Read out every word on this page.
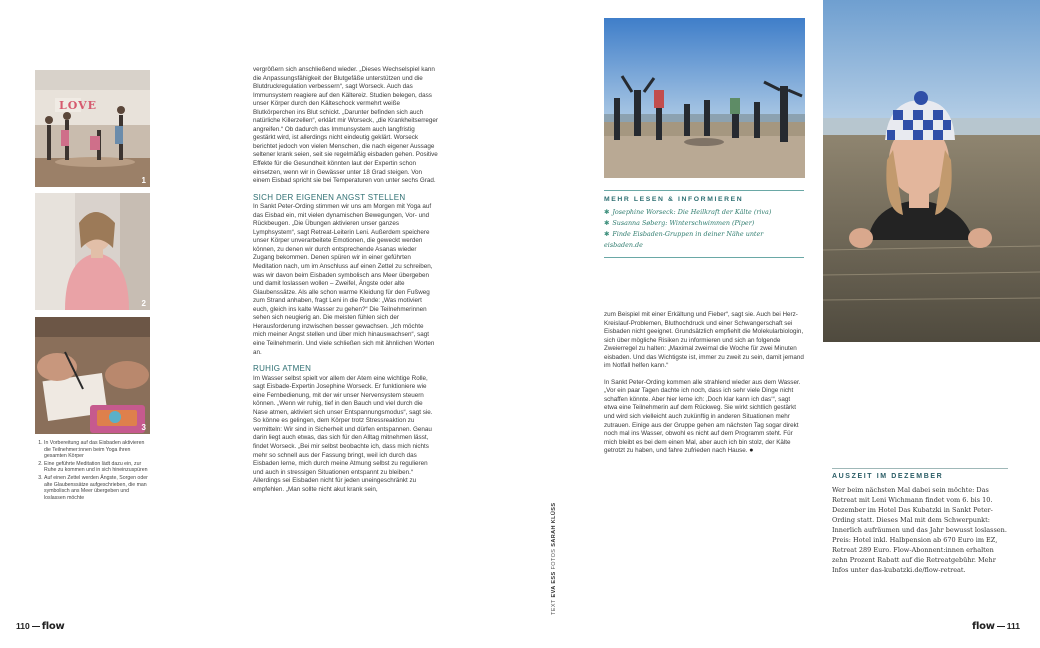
LOVE
1
2
3
1. In Vorbereitung auf das Eisbaden aktivieren die Teilnehmer:innen beim Yoga ihren gesamten Körper
2. Eine geführte Meditation lädt dazu ein, zur Ruhe zu kommen und in sich hineinzuspüren
3. Auf einen Zettel werden Ängste, Sorgen oder alte Glaubenssätze aufgeschrieben, die man symbolisch ans Meer übergeben und loslassen möchte

vergrößern sich anschließend wieder. „Dieses Wechselspiel kann die Anpassungsfähigkeit der Blutgefäße unterstützen und die Blutdruckregulation verbessern“, sagt Worseck. Auch das Immunsystem reagiere auf den Kältereiz. Studien belegen, dass unser Körper durch den Kälteschock vermehrt weiße Blutkörperchen ins Blut schickt. „Darunter befinden sich auch natürliche Killerzellen“, erklärt mir Worseck, „die Krankheitserreger angreifen.“ Ob dadurch das Immunsystem auch langfristig gestärkt wird, ist allerdings nicht eindeutig geklärt. Worseck berichtet jedoch von vielen Menschen, die nach eigener Aussage seltener krank seien, seit sie regelmäßig eisbaden gehen. Positive Effekte für die Gesundheit könnten laut der Expertin schon einsetzen, wenn wir in Gewässer unter 18 Grad steigen. Von einem Eisbad spricht sie bei Temperaturen von unter sechs Grad.

SICH DER EIGENEN ANGST STELLEN

In Sankt Peter-Ording stimmen wir uns am Morgen mit Yoga auf das Eisbad ein, mit vielen dynamischen Bewegungen, Vor- und Rückbeugen. „Die Übungen aktivieren unser ganzes Lymphsystem“, sagt Retreat-Leiterin Leni. Außerdem speichere unser Körper unverarbeitete Emotionen, die geweckt werden können, zu denen wir durch entsprechende Asanas wieder Zugang bekommen. Denen spüren wir in einer geführten Meditation nach, um im Anschluss auf einen Zettel zu schreiben, was wir davon beim Eisbaden symbolisch ans Meer übergeben und damit loslassen wollen – Zweifel, Ängste oder alte Glaubenssätze. Als alle schon warme Kleidung für den Fußweg zum Strand anhaben, fragt Leni in die Runde: „Was motiviert euch, gleich ins kalte Wasser zu gehen?“ Die Teilnehmerinnen sehen sich neugierig an. Die meisten fühlen sich der Herausforderung inzwischen besser gewachsen. „Ich möchte mich meiner Angst stellen und über mich hinauswachsen“, sagt eine Teilnehmerin. Und viele schließen sich mit ähnlichen Worten an.

RUHIG ATMEN

Im Wasser selbst spielt vor allem der Atem eine wichtige Rolle, sagt Eisbade-Expertin Josephine Worseck. Er funktioniere wie eine Fernbedienung, mit der wir unser Nervensystem steuern können. „Wenn wir ruhig, tief in den Bauch und viel durch die Nase atmen, aktiviert sich unser Entspannungsmodus“, sagt sie. So könne es gelingen, dem Körper trotz Stressreaktion zu vermitteln: Wir sind in Sicherheit und dürfen entspannen. Genau darin liegt auch etwas, das sich für den Alltag mitnehmen lässt, findet Worseck. „Bei mir selbst beobachte ich, dass mich nichts mehr so schnell aus der Fassung bringt, weil ich durch das Eisbaden lerne, mich durch meine Atmung selbst zu regulieren und auch in stressigen Situationen entspannt zu bleiben.“ Allerdings sei Eisbaden nicht für jeden uneingeschränkt zu empfehlen. „Man sollte nicht akut krank sein,

TEXT EVA ESS FOTOS SARAH KLÜSS
MEHR LESEN & INFORMIEREN
✱ Josephine Worseck: Die Heilkraft der Kälte (riva)
✱ Susanna Søberg: Winterschwimmen (Piper)
✱ Finde Eisbaden-Gruppen in deiner Nähe unter eisbaden.de

zum Beispiel mit einer Erkältung und Fieber“, sagt sie. Auch bei Herz-Kreislauf-Problemen, Bluthochdruck und einer Schwangerschaft sei Eisbaden nicht geeignet. Grundsätzlich empfiehlt die Molekularbiologin, sich über mögliche Risiken zu informieren und sich an folgende Zweierregel zu halten: „Maximal zweimal die Woche für zwei Minuten eisbaden. Und das Wichtigste ist, immer zu zweit zu sein, damit jemand im Notfall helfen kann.“

In Sankt Peter-Ording kommen alle strahlend wieder aus dem Wasser. „Vor ein paar Tagen dachte ich noch, dass ich sehr viele Dinge nicht schaffen könnte. Aber hier lerne ich: ‚Doch klar kann ich das‘“, sagt etwa eine Teilnehmerin auf dem Rückweg. Sie wirkt sichtlich gestärkt und wird sich vielleicht auch zukünftig in anderen Situationen mehr zutrauen. Einige aus der Gruppe gehen am nächsten Tag sogar direkt noch mal ins Wasser, obwohl es nicht auf dem Programm steht. Für mich bleibt es bei dem einen Mal, aber auch ich bin stolz, der Kälte getrotzt zu haben, und fahre zufrieden nach Hause. ●

AUSZEIT IM DEZEMBER

Wer beim nächsten Mal dabei sein möchte: Das Retreat mit Leni Wichmann findet vom 6. bis 10. Dezember im Hotel Das Kubatzki in Sankt Peter-Ording statt. Dieses Mal mit dem Schwerpunkt: Innerlich aufräumen und das Jahr bewusst loslassen. Preis: Hotel inkl. Halbpension ab 670 Euro im EZ, Retreat 289 Euro. Flow-Abonnent:innen erhalten zehn Prozent Rabatt auf die Retreatgebühr. Mehr Infos unter das-kubatzki.de/flow-retreat.

110 flow	flow 111
